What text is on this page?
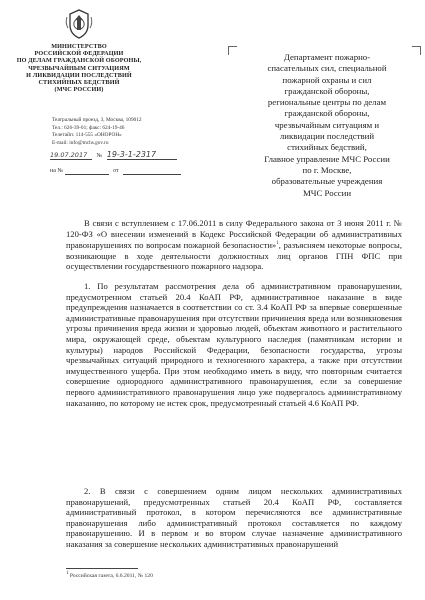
МИНИСТЕРСТВО
РОССИЙСКОЙ ФЕДЕРАЦИИ
ПО ДЕЛАМ ГРАЖДАНСКОЙ ОБОРОНЫ,
ЧРЕЗВЫЧАЙНЫМ СИТУАЦИЯМ
И ЛИКВИДАЦИИ ПОСЛЕДСТВИЙ
СТИХИЙНЫХ БЕДСТВИЙ
(МЧС РОССИИ)
Театральный проезд, 3, Москва, 109012
Тел.: 626-39-01; факс: 624-19-46
Телетайп: 114-555 «ОНОРОН»
E-mail: info@mchs.gov.ru
19.07.2017 № 19-3-1-2317
на №	от
Департамент пожарно-
спасательных сил, специальной
пожарной охраны и сил
гражданской обороны,
региональные центры по делам
гражданской обороны,
чрезвычайным ситуациям и
ликвидации последствий
стихийных бедствий,
Главное управление МЧС России
по г. Москве,
образовательные учреждения
МЧС России

В связи с вступлением с 17.06.2011 в силу Федерального закона от 3 июня 2011 г. № 120-ФЗ «О внесении изменений в Кодекс Российской Федерации об административных правонарушениях по вопросам пожарной безопасности»$^1$, разъясняем некоторые вопросы, возникающие в ходе деятельности должностных лиц органов ГПН ФПС при осуществлении государственного пожарного надзора.

1. По результатам рассмотрения дела об административном правонарушении, предусмотренном статьей 20.4 КоАП РФ, административное наказание в виде предупреждения назначается в соответствии со ст. 3.4 КоАП РФ за впервые совершенные административные правонарушения при отсутствии причинения вреда или возникновения угрозы причинения вреда жизни и здоровью людей, объектам животного и растительного мира, окружающей среде, объектам культурного наследия (памятникам истории и культуры) народов Российской Федерации, безопасности государства, угрозы чрезвычайных ситуаций природного и техногенного характера, а также при отсутствии имущественного ущерба. При этом необходимо иметь в виду, что повторным считается совершение однородного административного правонарушения, если за совершение первого административного правонарушения лицо уже подвергалось административному наказанию, по которому не истек срок, предусмотренный статьей 4.6 КоАП РФ.

2. В связи с совершением одним лицом нескольких административных правонарушений, предусмотренных статьей 20.4 КоАП РФ, составляется административный протокол, в котором перечисляются все административные правонарушения либо административный протокол составляется по каждому правонарушению. И в первом и во втором случае назначение административного наказания за совершение нескольких административных правонарушений

$^1$ Российская газета, 6.6.2011, № 120
